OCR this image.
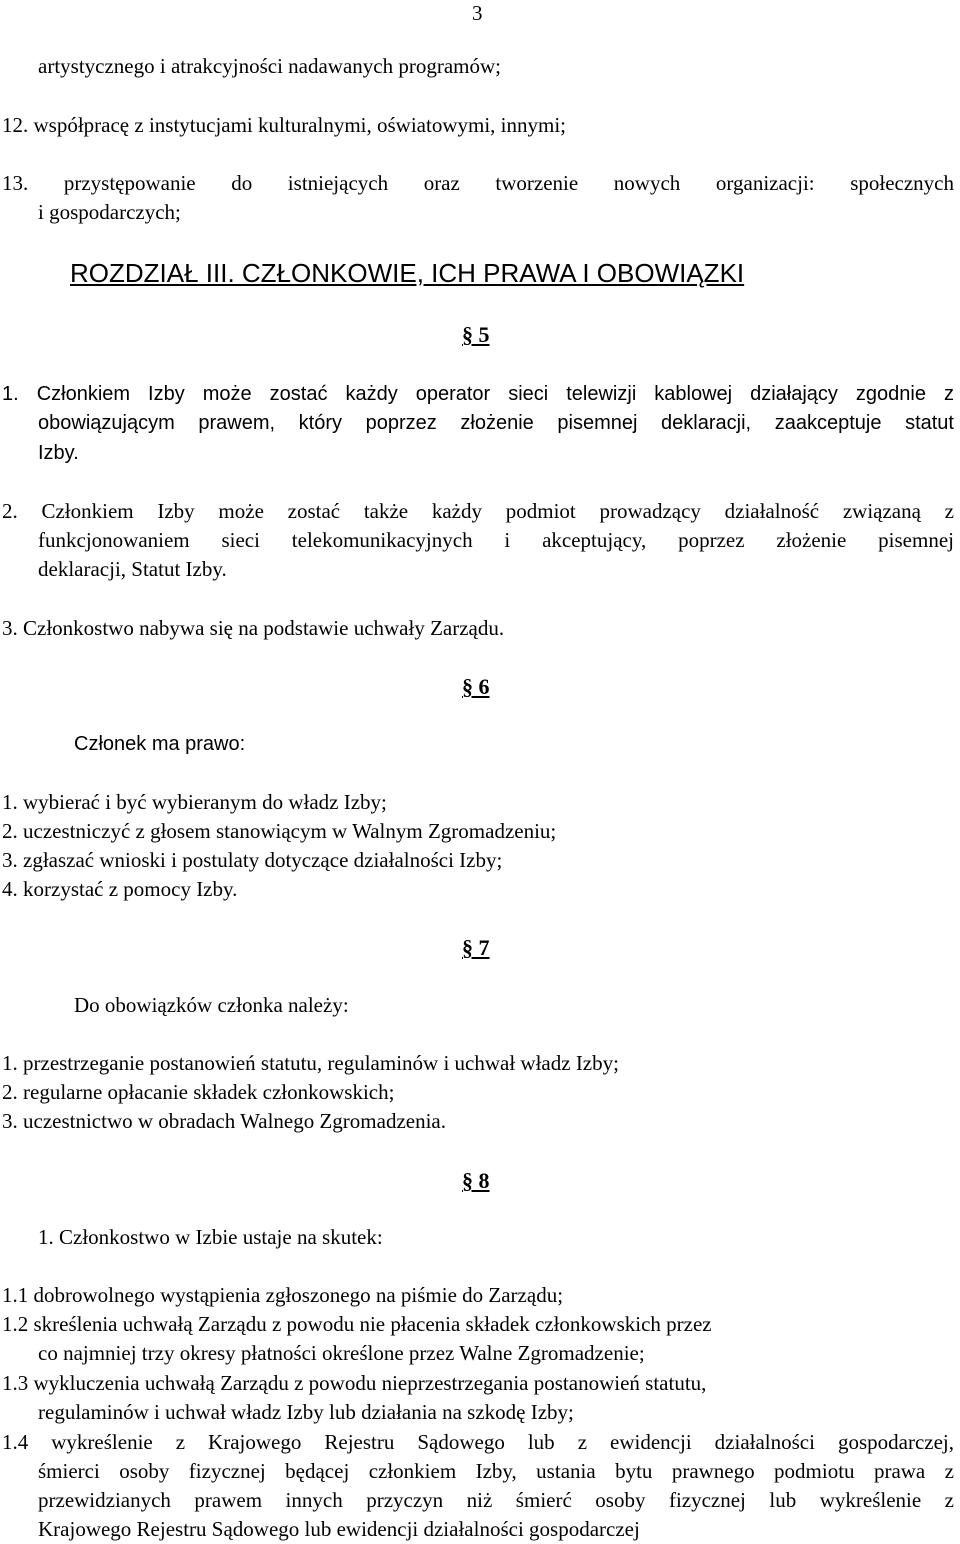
3
artystycznego i atrakcyjności nadawanych programów;
12. współpracę z instytucjami kulturalnymi, oświatowymi, innymi;
13. przystępowanie do istniejących oraz tworzenie nowych organizacji: społecznych
i gospodarczych;
ROZDZIAŁ III. CZŁONKOWIE, ICH PRAWA I OBOWIĄZKI
§ 5
1. Członkiem Izby może zostać każdy operator sieci telewizji kablowej działający zgodnie z
obowiązującym prawem, który poprzez złożenie pisemnej deklaracji, zaakceptuje statut
Izby.
2. Członkiem Izby może zostać także każdy podmiot prowadzący działalność związaną z
funkcjonowaniem sieci telekomunikacyjnych i akceptujący, poprzez złożenie pisemnej
deklaracji, Statut Izby.
3. Członkostwo nabywa się na podstawie uchwały Zarządu.
§ 6
Członek ma prawo:
1. wybierać i być wybieranym do władz Izby;
2. uczestniczyć z głosem stanowiącym w Walnym Zgromadzeniu;
3. zgłaszać wnioski i postulaty dotyczące działalności Izby;
4. korzystać z pomocy Izby.
§ 7
Do obowiązków członka należy:
1. przestrzeganie postanowień statutu, regulaminów i uchwał władz Izby;
2. regularne opłacanie składek członkowskich;
3. uczestnictwo w obradach Walnego Zgromadzenia.
§ 8
1. Członkostwo w Izbie ustaje na skutek:
1.1 dobrowolnego wystąpienia zgłoszonego na piśmie do Zarządu;
1.2 skreślenia uchwałą Zarządu z powodu nie płacenia składek członkowskich przez
co najmniej trzy okresy płatności określone przez Walne Zgromadzenie;
1.3 wykluczenia uchwałą Zarządu z powodu nieprzestrzegania postanowień statutu,
regulaminów i uchwał władz Izby lub działania na szkodę Izby;
1.4 wykreślenie z Krajowego Rejestru Sądowego lub z ewidencji działalności gospodarczej,
śmierci osoby fizycznej będącej członkiem Izby, ustania bytu prawnego podmiotu prawa z
przewidzianych prawem innych przyczyn niż śmierć osoby fizycznej lub wykreślenie z
Krajowego Rejestru Sądowego lub ewidencji działalności gospodarczej
